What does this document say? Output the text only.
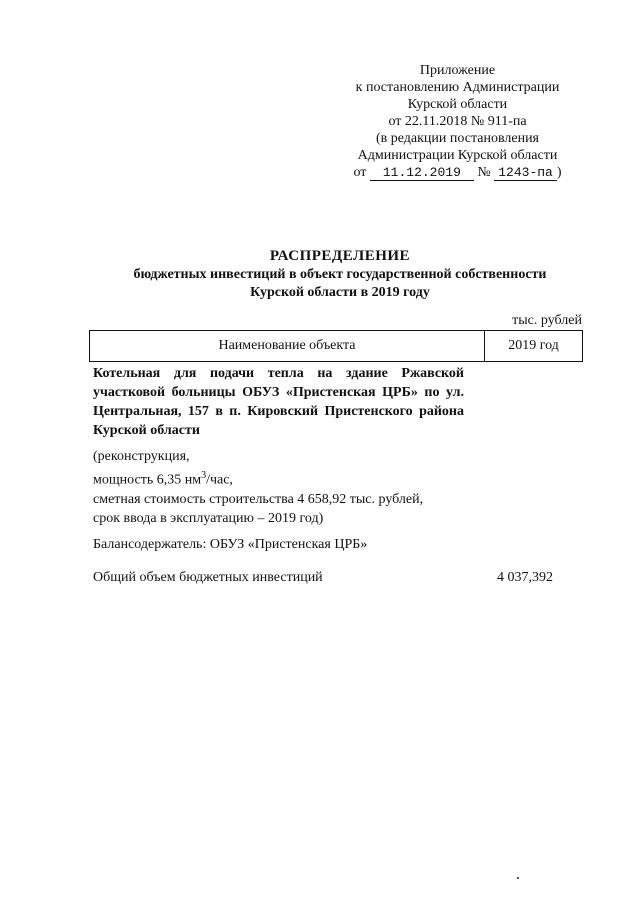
Приложение
к постановлению Администрации
Курской области
от 22.11.2018 № 911-па
(в редакции постановления
Администрации Курской области
от 11.12.2019 № 1243-па )
РАСПРЕДЕЛЕНИЕ
бюджетных инвестиций в объект государственной собственности
Курской области в 2019 году
тыс. рублей
Наименование объекта	2019 год
Котельная для подачи тепла на здание Ржавской участковой больницы ОБУЗ «Пристенская ЦРБ» по ул. Центральная, 157 в п. Кировский Пристенского района Курской области
(реконструкция,
мощность 6,35 $нм^3$/час,
сметная стоимость строительства 4 658,92 тыс. рублей,
срок ввода в эксплуатацию – 2019 год)
Балансодержатель: ОБУЗ «Пристенская ЦРБ»
Общий объем бюджетных инвестиций	4 037,392
